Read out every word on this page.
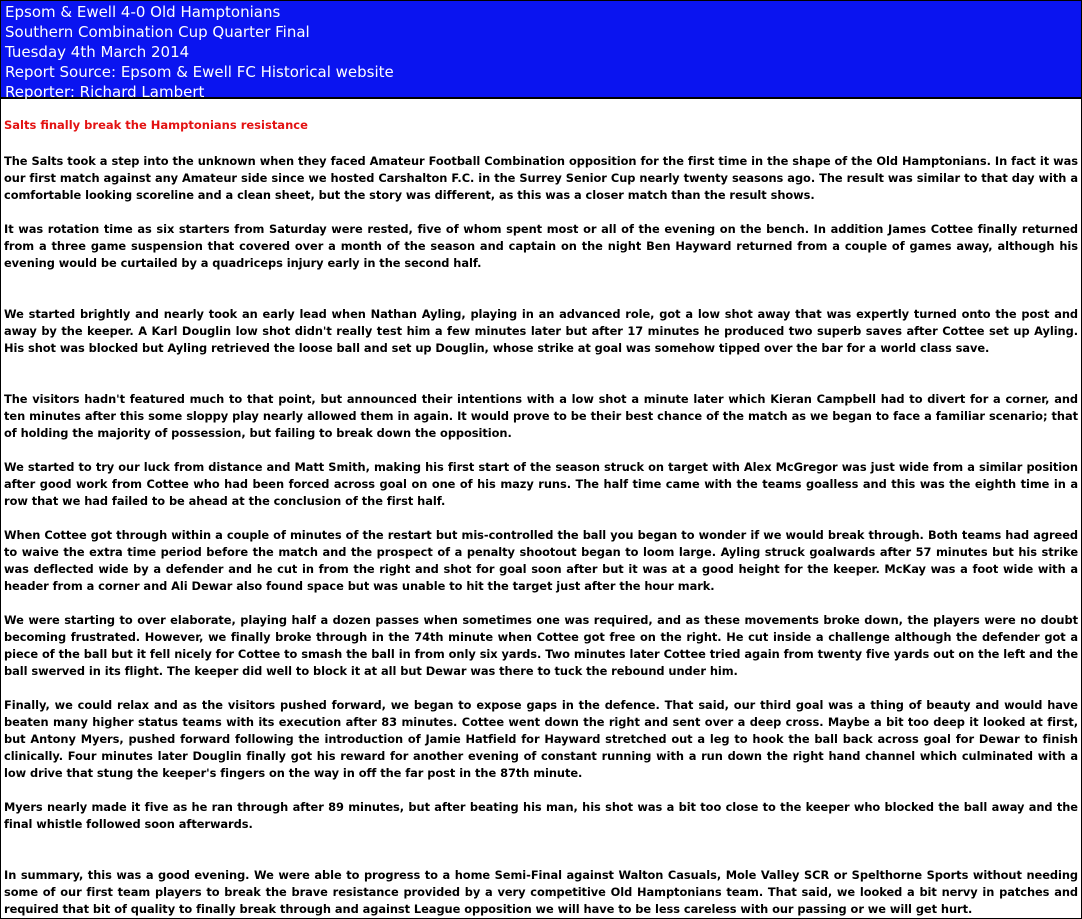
Epsom & Ewell 4-0 Old Hamptonians
Southern Combination Cup Quarter Final
Tuesday 4th March 2014
Report Source: Epsom & Ewell FC Historical website
Reporter: Richard Lambert
Salts finally break the Hamptonians resistance

The Salts took a step into the unknown when they faced Amateur Football Combination opposition for the first time in the shape of the Old Hamptonians. In fact it was our first match against any Amateur side since we hosted Carshalton F.C. in the Surrey Senior Cup nearly twenty seasons ago. The result was similar to that day with a comfortable looking scoreline and a clean sheet, but the story was different, as this was a closer match than the result shows.

It was rotation time as six starters from Saturday were rested, five of whom spent most or all of the evening on the bench. In addition James Cottee finally returned from a three game suspension that covered over a month of the season and captain on the night Ben Hayward returned from a couple of games away, although his evening would be curtailed by a quadriceps injury early in the second half.

We started brightly and nearly took an early lead when Nathan Ayling, playing in an advanced role, got a low shot away that was expertly turned onto the post and away by the keeper. A Karl Douglin low shot didn't really test him a few minutes later but after 17 minutes he produced two superb saves after Cottee set up Ayling. His shot was blocked but Ayling retrieved the loose ball and set up Douglin, whose strike at goal was somehow tipped over the bar for a world class save.

The visitors hadn't featured much to that point, but announced their intentions with a low shot a minute later which Kieran Campbell had to divert for a corner, and ten minutes after this some sloppy play nearly allowed them in again. It would prove to be their best chance of the match as we began to face a familiar scenario; that of holding the majority of possession, but failing to break down the opposition.

We started to try our luck from distance and Matt Smith, making his first start of the season struck on target with Alex McGregor was just wide from a similar position after good work from Cottee who had been forced across goal on one of his mazy runs. The half time came with the teams goalless and this was the eighth time in a row that we had failed to be ahead at the conclusion of the first half.

When Cottee got through within a couple of minutes of the restart but mis-controlled the ball you began to wonder if we would break through. Both teams had agreed to waive the extra time period before the match and the prospect of a penalty shootout began to loom large. Ayling struck goalwards after 57 minutes but his strike was deflected wide by a defender and he cut in from the right and shot for goal soon after but it was at a good height for the keeper. McKay was a foot wide with a header from a corner and Ali Dewar also found space but was unable to hit the target just after the hour mark.

We were starting to over elaborate, playing half a dozen passes when sometimes one was required, and as these movements broke down, the players were no doubt becoming frustrated. However, we finally broke through in the 74th minute when Cottee got free on the right. He cut inside a challenge although the defender got a piece of the ball but it fell nicely for Cottee to smash the ball in from only six yards. Two minutes later Cottee tried again from twenty five yards out on the left and the ball swerved in its flight. The keeper did well to block it at all but Dewar was there to tuck the rebound under him.

Finally, we could relax and as the visitors pushed forward, we began to expose gaps in the defence. That said, our third goal was a thing of beauty and would have beaten many higher status teams with its execution after 83 minutes. Cottee went down the right and sent over a deep cross. Maybe a bit too deep it looked at first, but Antony Myers, pushed forward following the introduction of Jamie Hatfield for Hayward stretched out a leg to hook the ball back across goal for Dewar to finish clinically. Four minutes later Douglin finally got his reward for another evening of constant running with a run down the right hand channel which culminated with a low drive that stung the keeper's fingers on the way in off the far post in the 87th minute.

Myers nearly made it five as he ran through after 89 minutes, but after beating his man, his shot was a bit too close to the keeper who blocked the ball away and the final whistle followed soon afterwards.

In summary, this was a good evening. We were able to progress to a home Semi-Final against Walton Casuals, Mole Valley SCR or Spelthorne Sports without needing some of our first team players to break the brave resistance provided by a very competitive Old Hamptonians team. That said, we looked a bit nervy in patches and required that bit of quality to finally break through and against League opposition we will have to be less careless with our passing or we will get hurt.
